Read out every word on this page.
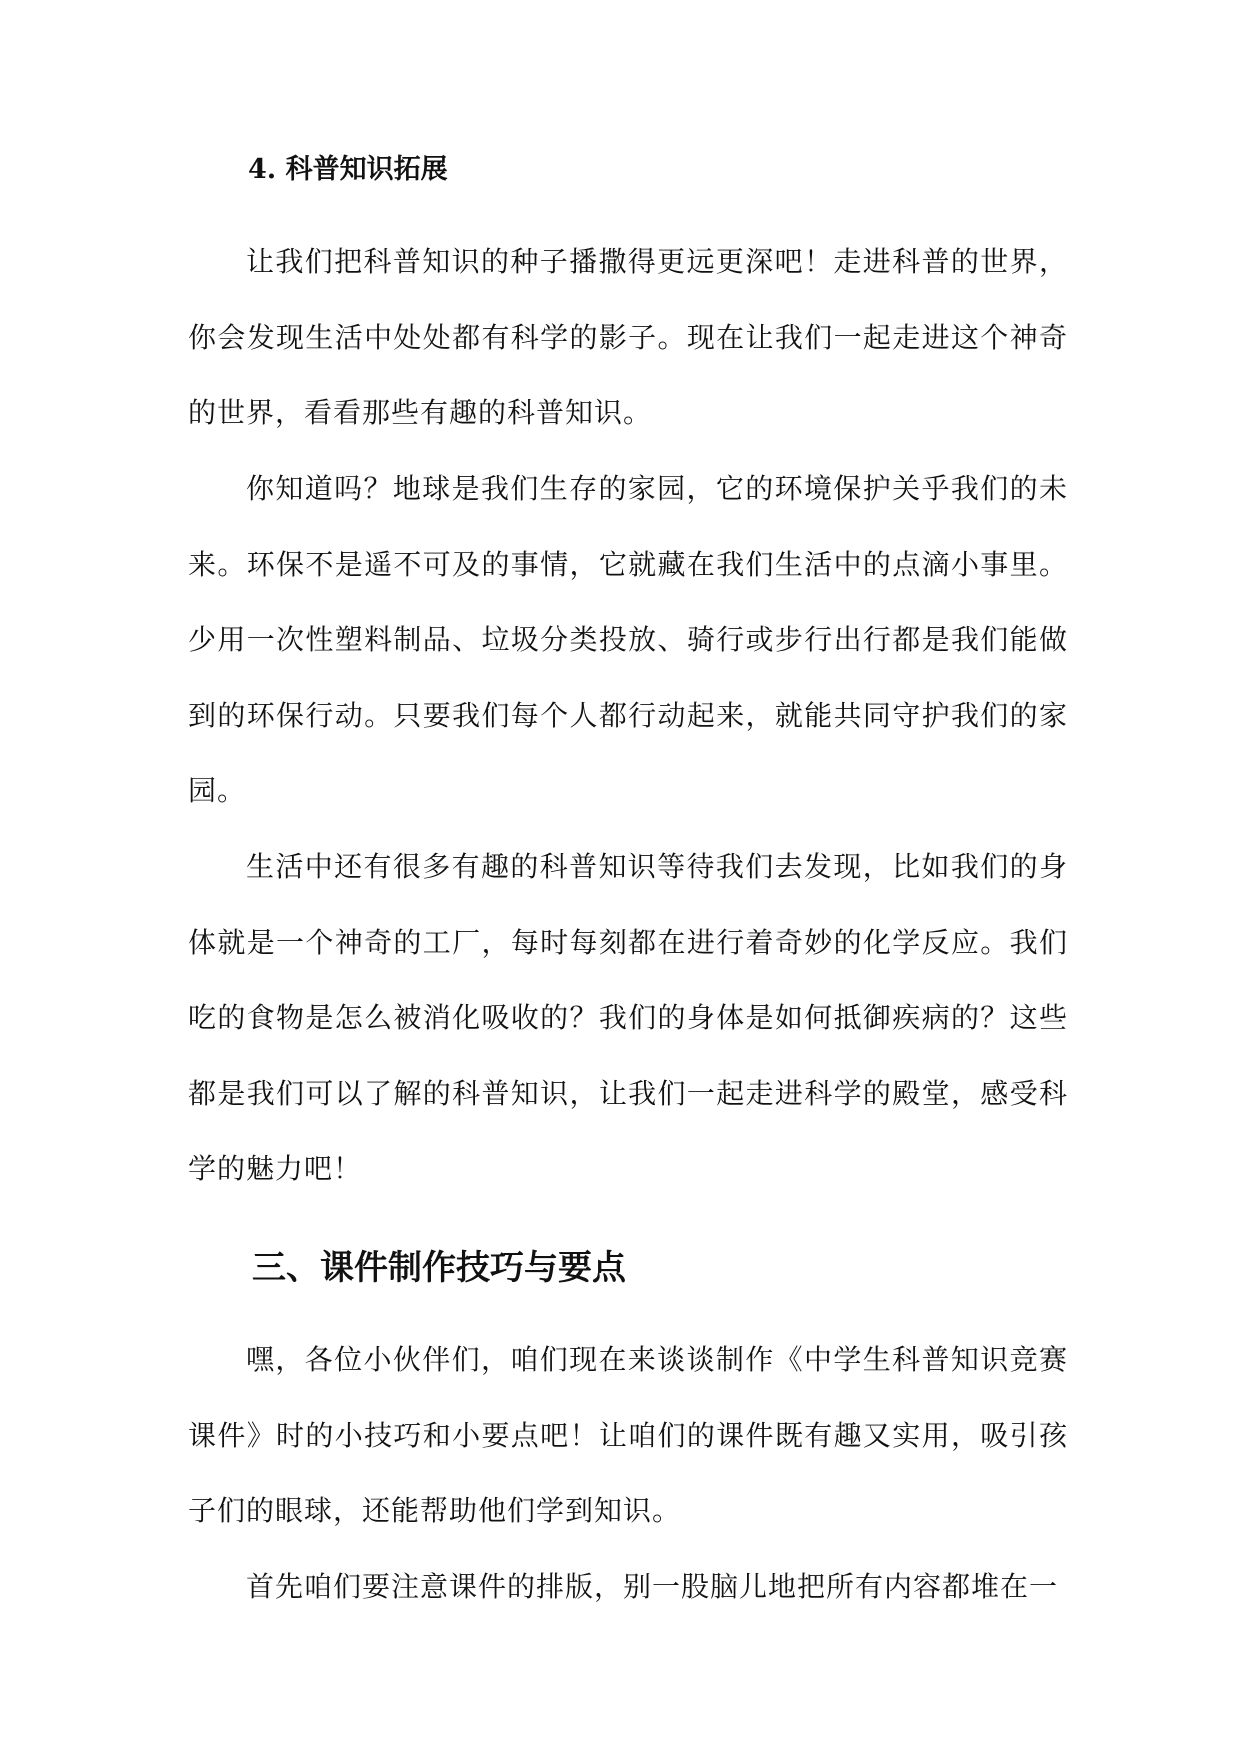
4. 科普知识拓展

让我们把科普知识的种子播撒得更远更深吧！走进科普的世界，你会发现生活中处处都有科学的影子。现在让我们一起走进这个神奇的世界，看看那些有趣的科普知识。

你知道吗？地球是我们生存的家园，它的环境保护关乎我们的未来。环保不是遥不可及的事情，它就藏在我们生活中的点滴小事里。少用一次性塑料制品、垃圾分类投放、骑行或步行出行都是我们能做到的环保行动。只要我们每个人都行动起来，就能共同守护我们的家园。

生活中还有很多有趣的科普知识等待我们去发现，比如我们的身体就是一个神奇的工厂，每时每刻都在进行着奇妙的化学反应。我们吃的食物是怎么被消化吸收的？我们的身体是如何抵御疾病的？这些都是我们可以了解的科普知识，让我们一起走进科学的殿堂，感受科学的魅力吧！

三、课件制作技巧与要点

嘿，各位小伙伴们，咱们现在来谈谈制作《中学生科普知识竞赛课件》时的小技巧和小要点吧！让咱们的课件既有趣又实用，吸引孩子们的眼球，还能帮助他们学到知识。

首先咱们要注意课件的排版，别一股脑儿地把所有内容都堆在一
